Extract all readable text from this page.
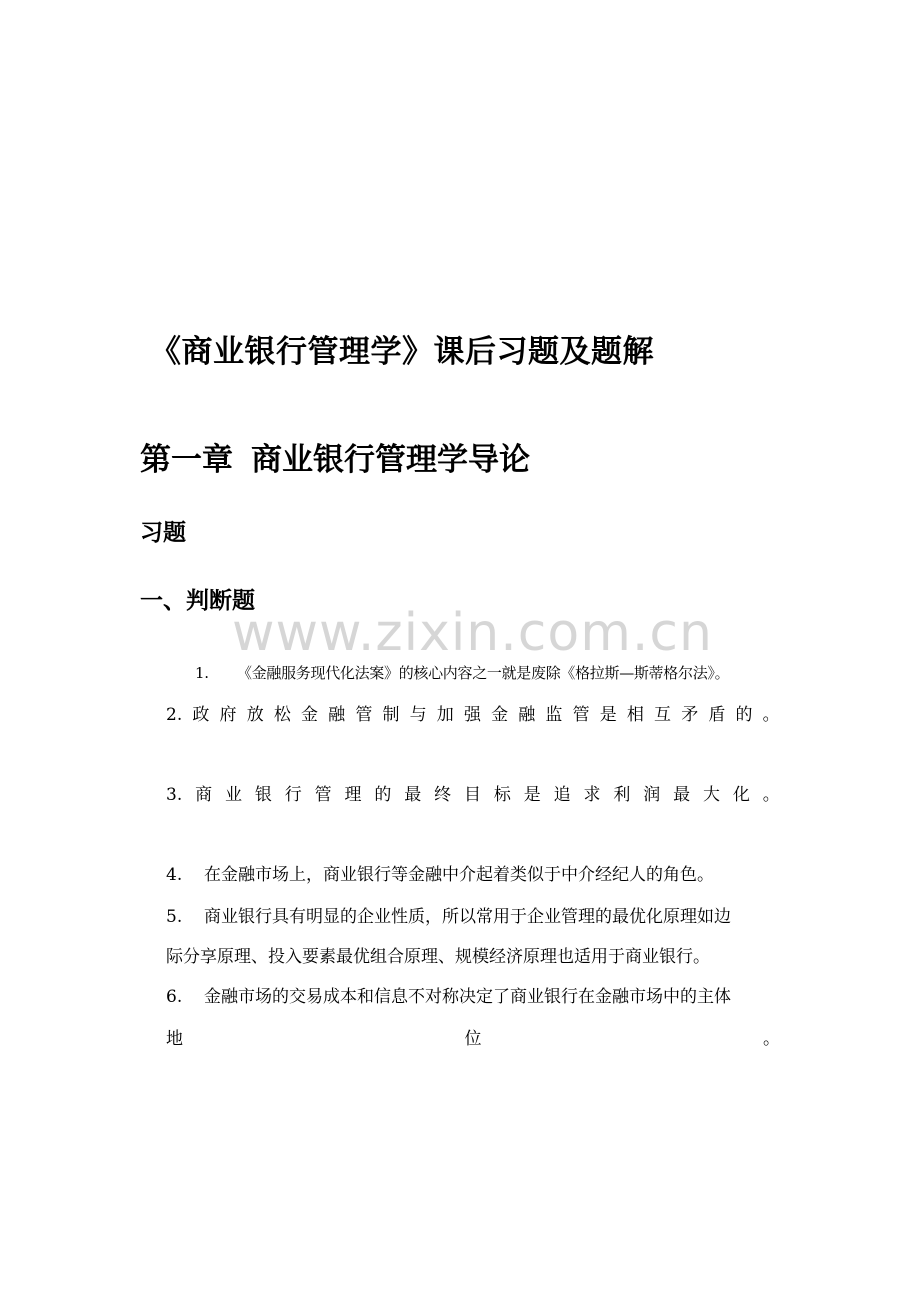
《商业银行管理学》课后习题及题解
第一章 商业银行管理学导论
习题
www.zixin.com.cn
一、判断题
1. 《金融服务现代化法案》的核心内容之一就是废除《格拉斯—斯蒂格尔法》。
2. 政 府 放 松 金 融 管 制 与 加 强 金 融 监 管 是 相 互 矛 盾 的 。
3. 商 业 银 行 管 理 的 最 终 目 标 是 追 求 利 润 最 大 化 。
4. 在金融市场上，商业银行等金融中介起着类似于中介经纪人的角色。
5. 商业银行具有明显的企业性质，所以常用于企业管理的最优化原理如边
际分享原理、投入要素最优组合原理、规模经济原理也适用于商业银行。
6. 金融市场的交易成本和信息不对称决定了商业银行在金融市场中的主体
地	位	。
